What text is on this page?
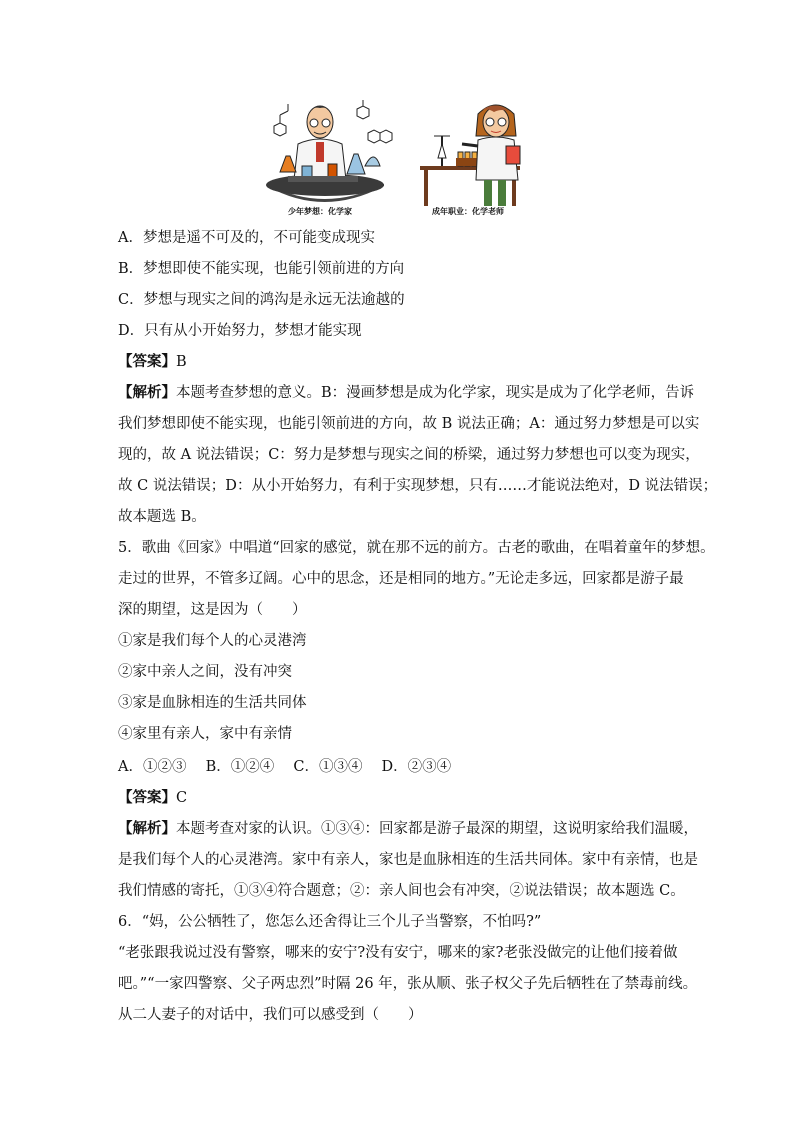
少年梦想：化学家	成年职业：化学老师
A．梦想是遥不可及的，不可能变成现实
B．梦想即使不能实现，也能引领前进的方向
C．梦想与现实之间的鸿沟是永远无法逾越的
D．只有从小开始努力，梦想才能实现
【答案】B
【解析】本题考查梦想的意义。B：漫画梦想是成为化学家，现实是成为了化学老师，告诉
我们梦想即使不能实现，也能引领前进的方向，故 B 说法正确；A：通过努力梦想是可以实
现的，故 A 说法错误；C：努力是梦想与现实之间的桥梁，通过努力梦想也可以变为现实，
故 C 说法错误；D：从小开始努力，有利于实现梦想，只有……才能说法绝对，D 说法错误；
故本题选 B。
5．歌曲《回家》中唱道“回家的感觉，就在那不远的前方。古老的歌曲，在唱着童年的梦想。
走过的世界，不管多辽阔。心中的思念，还是相同的地方。”无论走多远，回家都是游子最
深的期望，这是因为（　　）
①家是我们每个人的心灵港湾
②家中亲人之间，没有冲突
③家是血脉相连的生活共同体
④家里有亲人，家中有亲情
A．①②③　 B．①②④　 C．①③④　 D．②③④
【答案】C
【解析】本题考查对家的认识。①③④：回家都是游子最深的期望，这说明家给我们温暖，
是我们每个人的心灵港湾。家中有亲人，家也是血脉相连的生活共同体。家中有亲情，也是
我们情感的寄托，①③④符合题意；②：亲人间也会有冲突，②说法错误；故本题选 C。
6．“妈，公公牺牲了，您怎么还舍得让三个儿子当警察，不怕吗?”
“老张跟我说过没有警察，哪来的安宁?没有安宁，哪来的家?老张没做完的让他们接着做
吧。”“一家四警察、父子两忠烈”时隔 26 年，张从顺、张子权父子先后牺牲在了禁毒前线。
从二人妻子的对话中，我们可以感受到（　　）
